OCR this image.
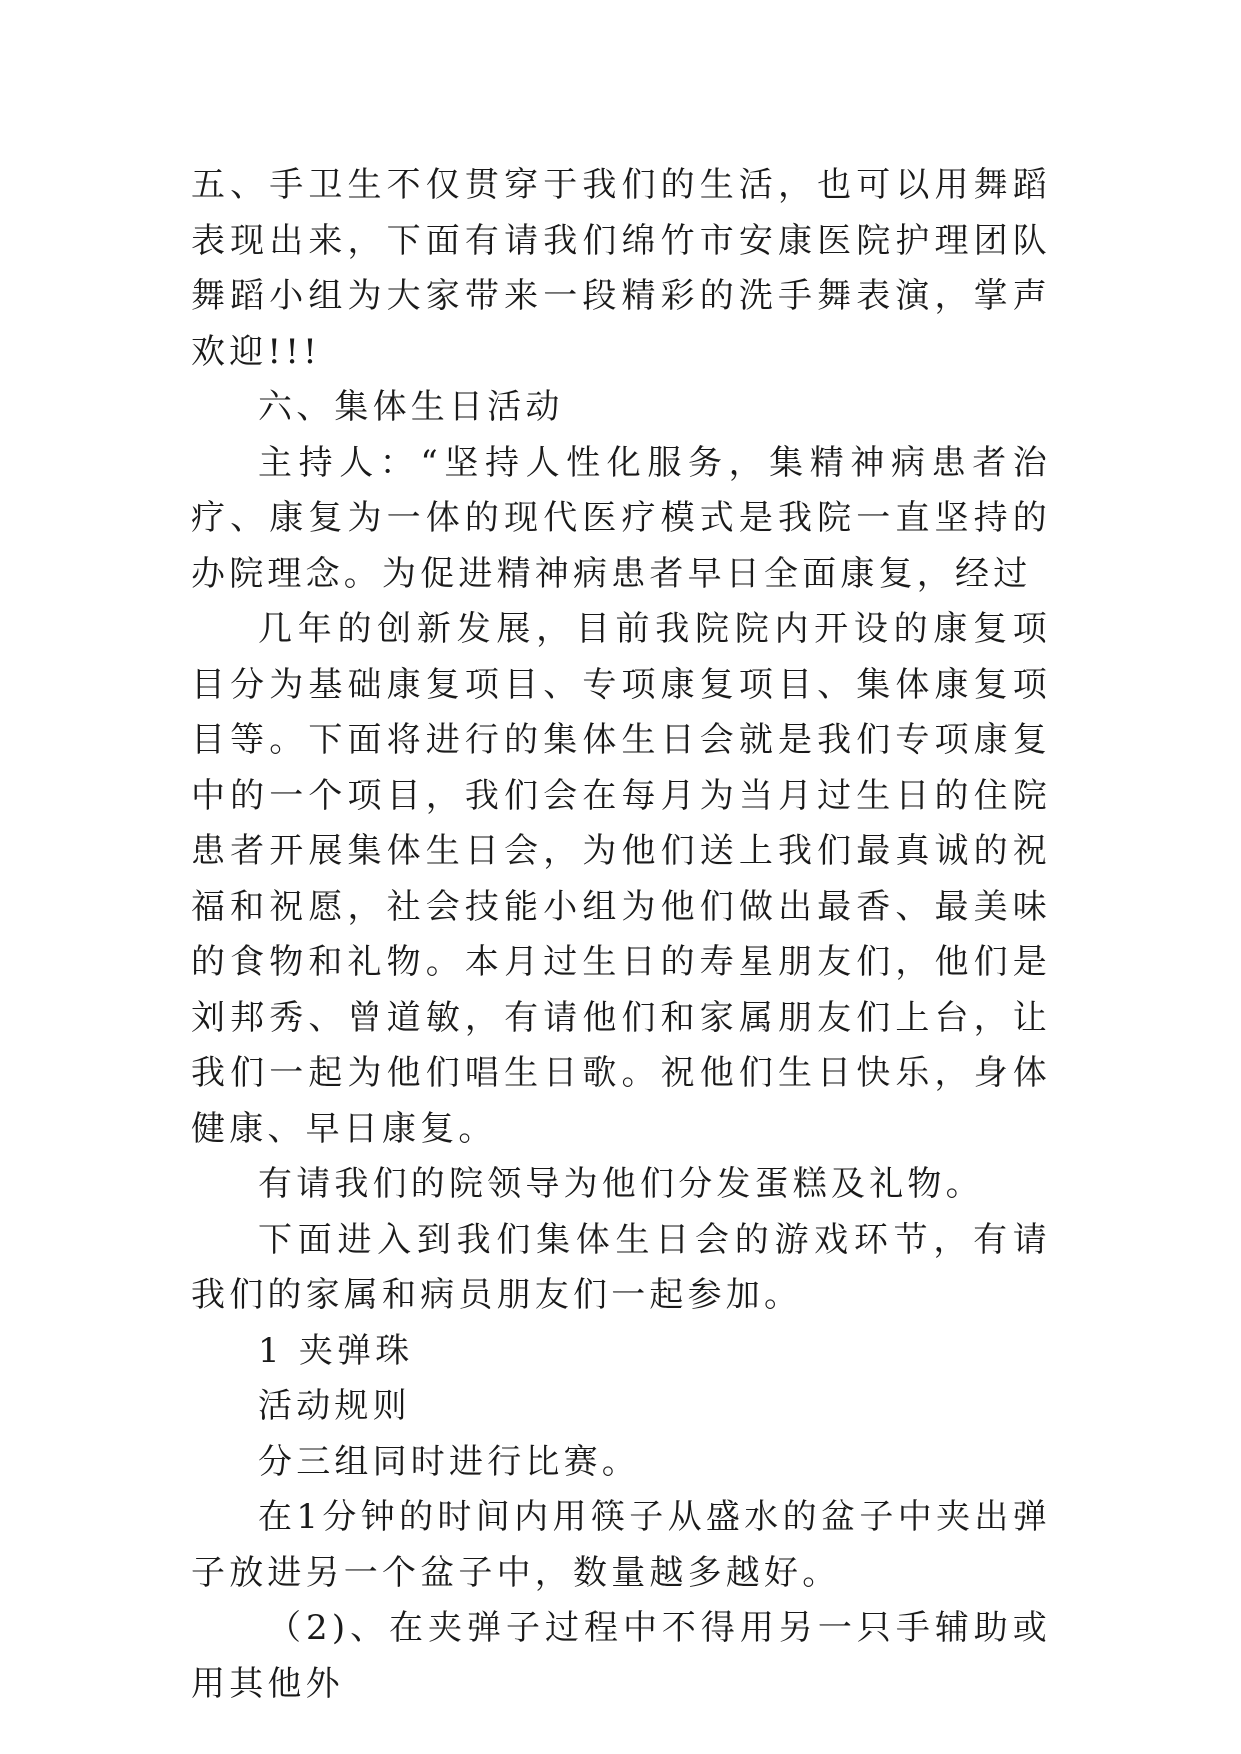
五、手卫生不仅贯穿于我们的生活，也可以用舞蹈表现出来，下面有请我们绵竹市安康医院护理团队舞蹈小组为大家带来一段精彩的洗手舞表演，掌声欢迎!!!

六、集体生日活动

主持人：“坚持人性化服务，集精神病患者治疗、康复为一体的现代医疗模式是我院一直坚持的办院理念。为促进精神病患者早日全面康复，经过

几年的创新发展，目前我院院内开设的康复项目分为基础康复项目、专项康复项目、集体康复项目等。下面将进行的集体生日会就是我们专项康复中的一个项目，我们会在每月为当月过生日的住院患者开展集体生日会，为他们送上我们最真诚的祝福和祝愿，社会技能小组为他们做出最香、最美味的食物和礼物。本月过生日的寿星朋友们，他们是刘邦秀、曾道敏，有请他们和家属朋友们上台，让我们一起为他们唱生日歌。祝他们生日快乐，身体健康、早日康复。

有请我们的院领导为他们分发蛋糕及礼物。

下面进入到我们集体生日会的游戏环节，有请我们的家属和病员朋友们一起参加。

1 夹弹珠

活动规则

分三组同时进行比赛。

在1分钟的时间内用筷子从盛水的盆子中夹出弹子放进另一个盆子中，数量越多越好。

（2)、在夹弹子过程中不得用另一只手辅助或用其他外
